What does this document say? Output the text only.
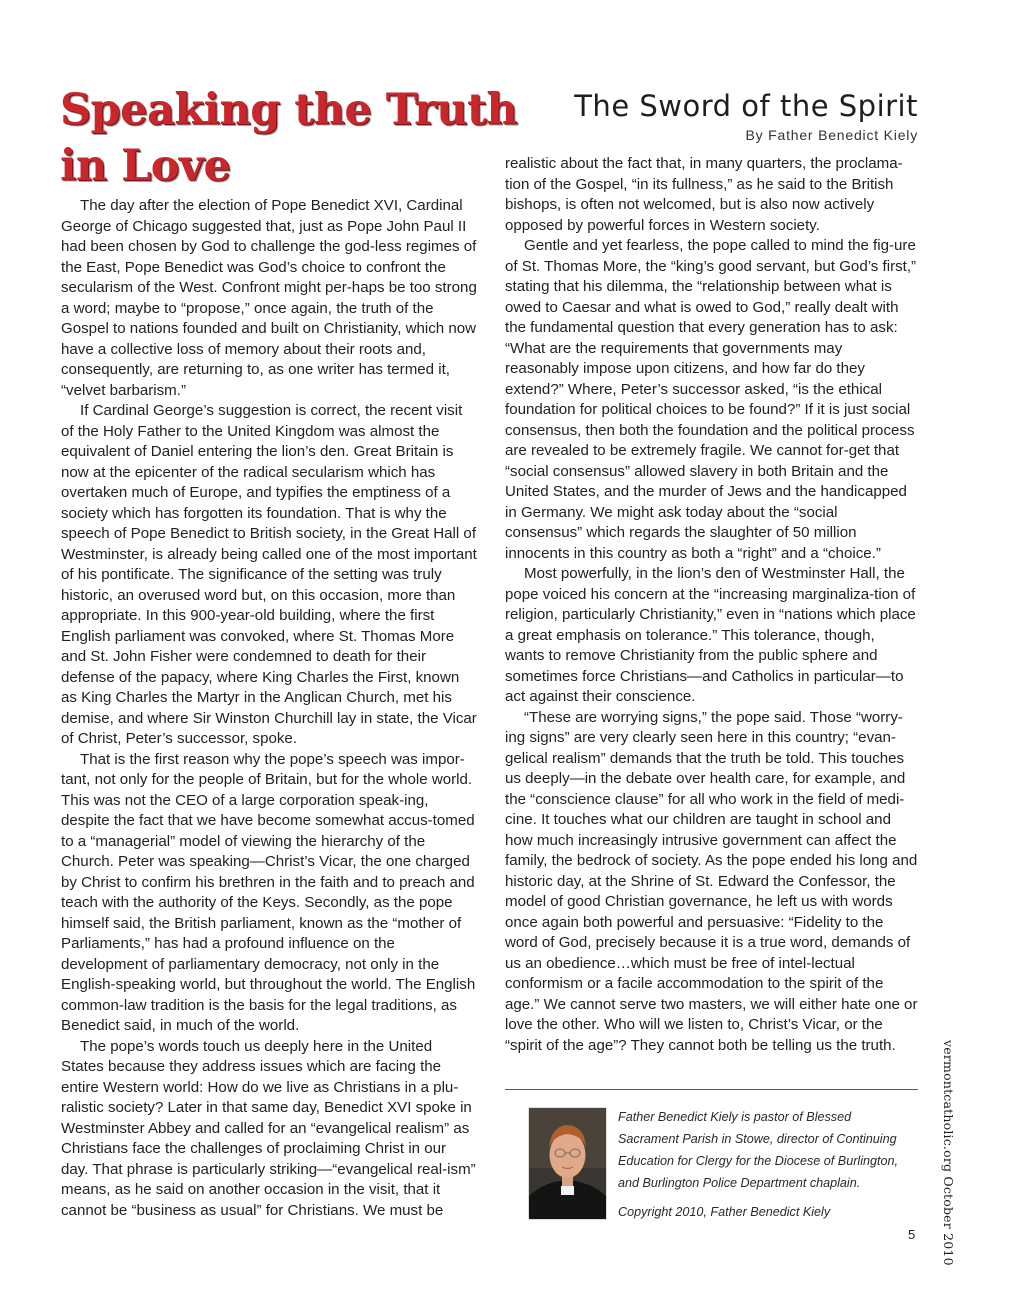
Speaking the Truth
in Love
The Sword of the Spirit
By Father Benedict Kiely

The day after the election of Pope Benedict XVI, Cardinal George of Chicago suggested that, just as Pope John Paul II had been chosen by God to challenge the god-less regimes of the East, Pope Benedict was God’s choice to confront the secularism of the West. Confront might per-haps be too strong a word; maybe to “propose,” once again, the truth of the Gospel to nations founded and built on Christianity, which now have a collective loss of memory about their roots and, consequently, are returning to, as one writer has termed it, “velvet barbarism.”

If Cardinal George’s suggestion is correct, the recent visit of the Holy Father to the United Kingdom was almost the equivalent of Daniel entering the lion’s den. Great Britain is now at the epicenter of the radical secularism which has overtaken much of Europe, and typifies the emptiness of a society which has forgotten its foundation. That is why the speech of Pope Benedict to British society, in the Great Hall of Westminster, is already being called one of the most important of his pontificate. The significance of the setting was truly historic, an overused word but, on this occasion, more than appropriate. In this 900-year-old building, where the first English parliament was convoked, where St. Thomas More and St. John Fisher were condemned to death for their defense of the papacy, where King Charles the First, known as King Charles the Martyr in the Anglican Church, met his demise, and where Sir Winston Churchill lay in state, the Vicar of Christ, Peter’s successor, spoke.

That is the first reason why the pope’s speech was impor-tant, not only for the people of Britain, but for the whole world. This was not the CEO of a large corporation speak-ing, despite the fact that we have become somewhat accus-tomed to a “managerial” model of viewing the hierarchy of the Church. Peter was speaking—Christ’s Vicar, the one charged by Christ to confirm his brethren in the faith and to preach and teach with the authority of the Keys. Secondly, as the pope himself said, the British parliament, known as the “mother of Parliaments,” has had a profound influence on the development of parliamentary democracy, not only in the English-speaking world, but throughout the world. The English common-law tradition is the basis for the legal traditions, as Benedict said, in much of the world.

The pope’s words touch us deeply here in the United States because they address issues which are facing the entire Western world: How do we live as Christians in a plu-ralistic society? Later in that same day, Benedict XVI spoke in Westminster Abbey and called for an “evangelical realism” as Christians face the challenges of proclaiming Christ in our day. That phrase is particularly striking—“evangelical real-ism” means, as he said on another occasion in the visit, that it cannot be “business as usual” for Christians. We must be

realistic about the fact that, in many quarters, the proclama-tion of the Gospel, “in its fullness,” as he said to the British bishops, is often not welcomed, but is also now actively opposed by powerful forces in Western society.

Gentle and yet fearless, the pope called to mind the fig-ure of St. Thomas More, the “king’s good servant, but God’s first,” stating that his dilemma, the “relationship between what is owed to Caesar and what is owed to God,” really dealt with the fundamental question that every generation has to ask: “What are the requirements that governments may reasonably impose upon citizens, and how far do they extend?” Where, Peter’s successor asked, “is the ethical foundation for political choices to be found?” If it is just social consensus, then both the foundation and the political process are revealed to be extremely fragile. We cannot for-get that “social consensus” allowed slavery in both Britain and the United States, and the murder of Jews and the handicapped in Germany. We might ask today about the “social consensus” which regards the slaughter of 50 million innocents in this country as both a “right” and a “choice.”

Most powerfully, in the lion’s den of Westminster Hall, the pope voiced his concern at the “increasing marginaliza-tion of religion, particularly Christianity,” even in “nations which place a great emphasis on tolerance.” This tolerance, though, wants to remove Christianity from the public sphere and sometimes force Christians—and Catholics in particular—to act against their conscience.

“These are worrying signs,” the pope said. Those “worry-ing signs” are very clearly seen here in this country; “evan-gelical realism” demands that the truth be told. This touches us deeply—in the debate over health care, for example, and the “conscience clause” for all who work in the field of medi-cine. It touches what our children are taught in school and how much increasingly intrusive government can affect the family, the bedrock of society. As the pope ended his long and historic day, at the Shrine of St. Edward the Confessor, the model of good Christian governance, he left us with words once again both powerful and persuasive: “Fidelity to the word of God, precisely because it is a true word, demands of us an obedience…which must be free of intel-lectual conformism or a facile accommodation to the spirit of the age.” We cannot serve two masters, we will either hate one or love the other. Who will we listen to, Christ’s Vicar, or the “spirit of the age”? They cannot both be telling us the truth.

Father Benedict Kiely is pastor of Blessed Sacrament Parish in Stowe, director of Continuing Education for Clergy for the Diocese of Burlington, and Burlington Police Department chaplain.
Copyright 2010, Father Benedict Kiely	vermontcatholic.org October 2010
5
